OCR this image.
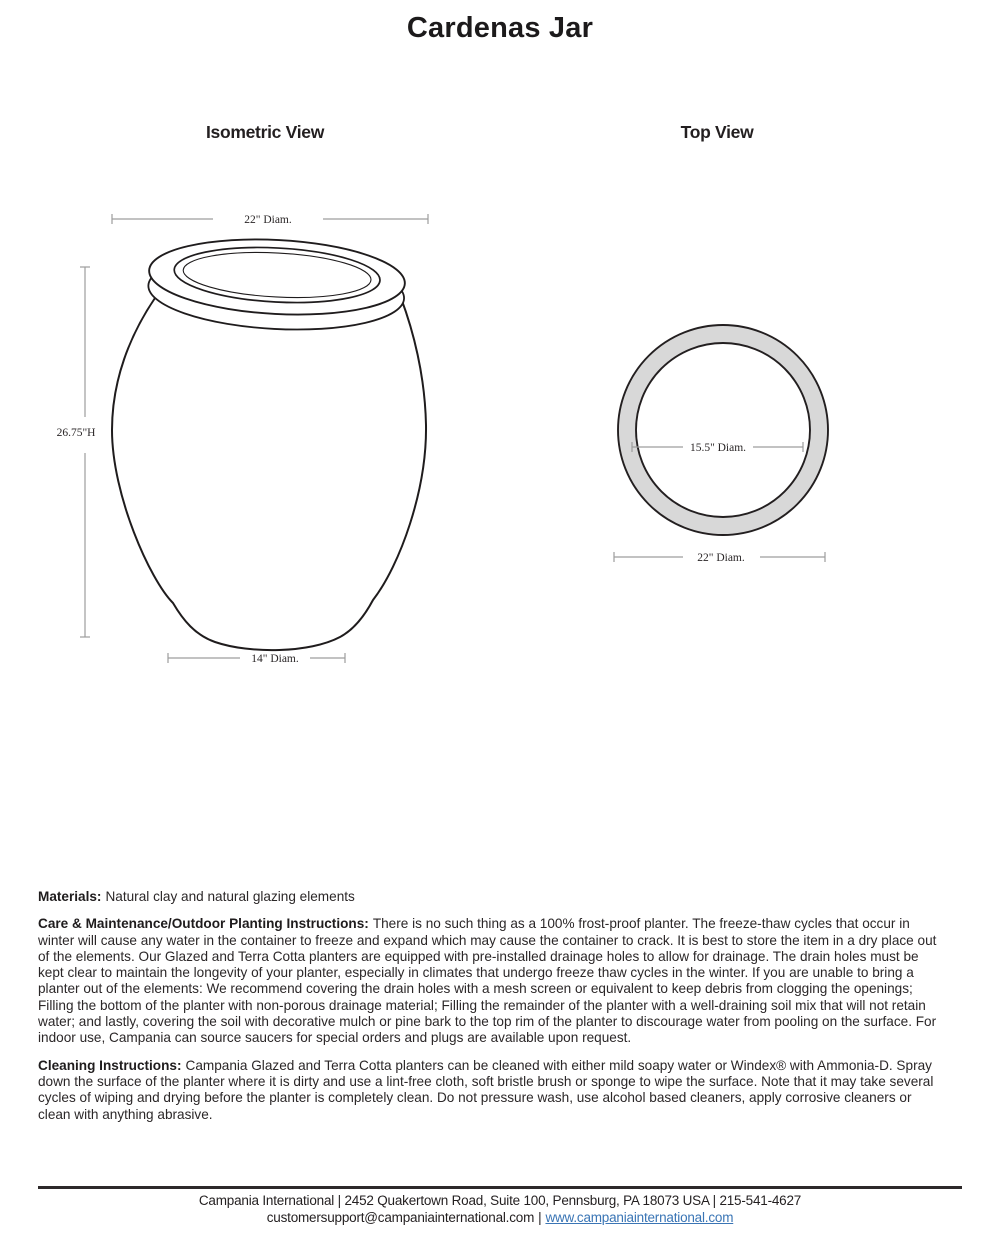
Cardenas Jar
Isometric View	Top View
22" Diam.
26.75"H
14" Diam.
15.5" Diam.
22" Diam.

Materials: Natural clay and natural glazing elements

Care & Maintenance/Outdoor Planting Instructions: There is no such thing as a 100% frost-proof planter. The freeze-thaw cycles that occur in winter will cause any water in the container to freeze and expand which may cause the container to crack. It is best to store the item in a dry place out of the elements. Our Glazed and Terra Cotta planters are equipped with pre-installed drainage holes to allow for drainage. The drain holes must be kept clear to maintain the longevity of your planter, especially in climates that undergo freeze thaw cycles in the winter. If you are unable to bring a planter out of the elements: We recommend covering the drain holes with a mesh screen or equivalent to keep debris from clogging the openings; Filling the bottom of the planter with non-porous drainage material; Filling the remainder of the planter with a well-draining soil mix that will not retain water; and lastly, covering the soil with decorative mulch or pine bark to the top rim of the planter to discourage water from pooling on the surface. For indoor use, Campania can source saucers for special orders and plugs are available upon request.

Cleaning Instructions: Campania Glazed and Terra Cotta planters can be cleaned with either mild soapy water or Windex® with Ammonia-D. Spray down the surface of the planter where it is dirty and use a lint-free cloth, soft bristle brush or sponge to wipe the surface. Note that it may take several cycles of wiping and drying before the planter is completely clean. Do not pressure wash, use alcohol based cleaners, apply corrosive cleaners or clean with anything abrasive.

Campania International | 2452 Quakertown Road, Suite 100, Pennsburg, PA 18073 USA | 215-541-4627
customersupport@campaniainternational.com | www.campaniainternational.com
